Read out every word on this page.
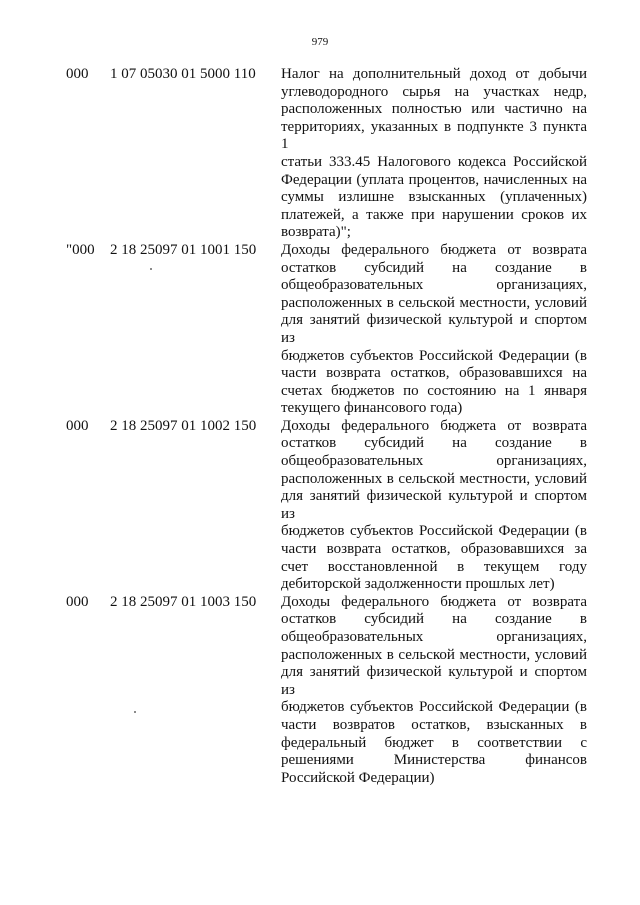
979
000 1 07 05030 01 5000 110 Налог на дополнительный доход от добычи
углеводородного сырья на участках недр,
расположенных полностью или частично на
территориях, указанных в подпункте 3 пункта 1
статьи 333.45 Налогового кодекса Российской
Федерации (уплата процентов, начисленных на
суммы излишне взысканных (уплаченных)
платежей, а также при нарушении сроков их
возврата)";
"000 2 18 25097 01 1001 150 Доходы федерального бюджета от возврата
остатков субсидий на создание в
общеобразовательных организациях,
расположенных в сельской местности, условий
для занятий физической культурой и спортом из
бюджетов субъектов Российской Федерации (в
части возврата остатков, образовавшихся на
счетах бюджетов по состоянию на 1 января
текущего финансового года)
000 2 18 25097 01 1002 150 Доходы федерального бюджета от возврата
остатков субсидий на создание в
общеобразовательных организациях,
расположенных в сельской местности, условий
для занятий физической культурой и спортом из
бюджетов субъектов Российской Федерации (в
части возврата остатков, образовавшихся за
счет восстановленной в текущем году
дебиторской задолженности прошлых лет)
000 2 18 25097 01 1003 150 Доходы федерального бюджета от возврата
остатков субсидий на создание в
общеобразовательных организациях,
расположенных в сельской местности, условий
для занятий физической культурой и спортом из
бюджетов субъектов Российской Федерации (в
части возвратов остатков, взысканных в
федеральный бюджет в соответствии с
решениями Министерства финансов
Российской Федерации)
